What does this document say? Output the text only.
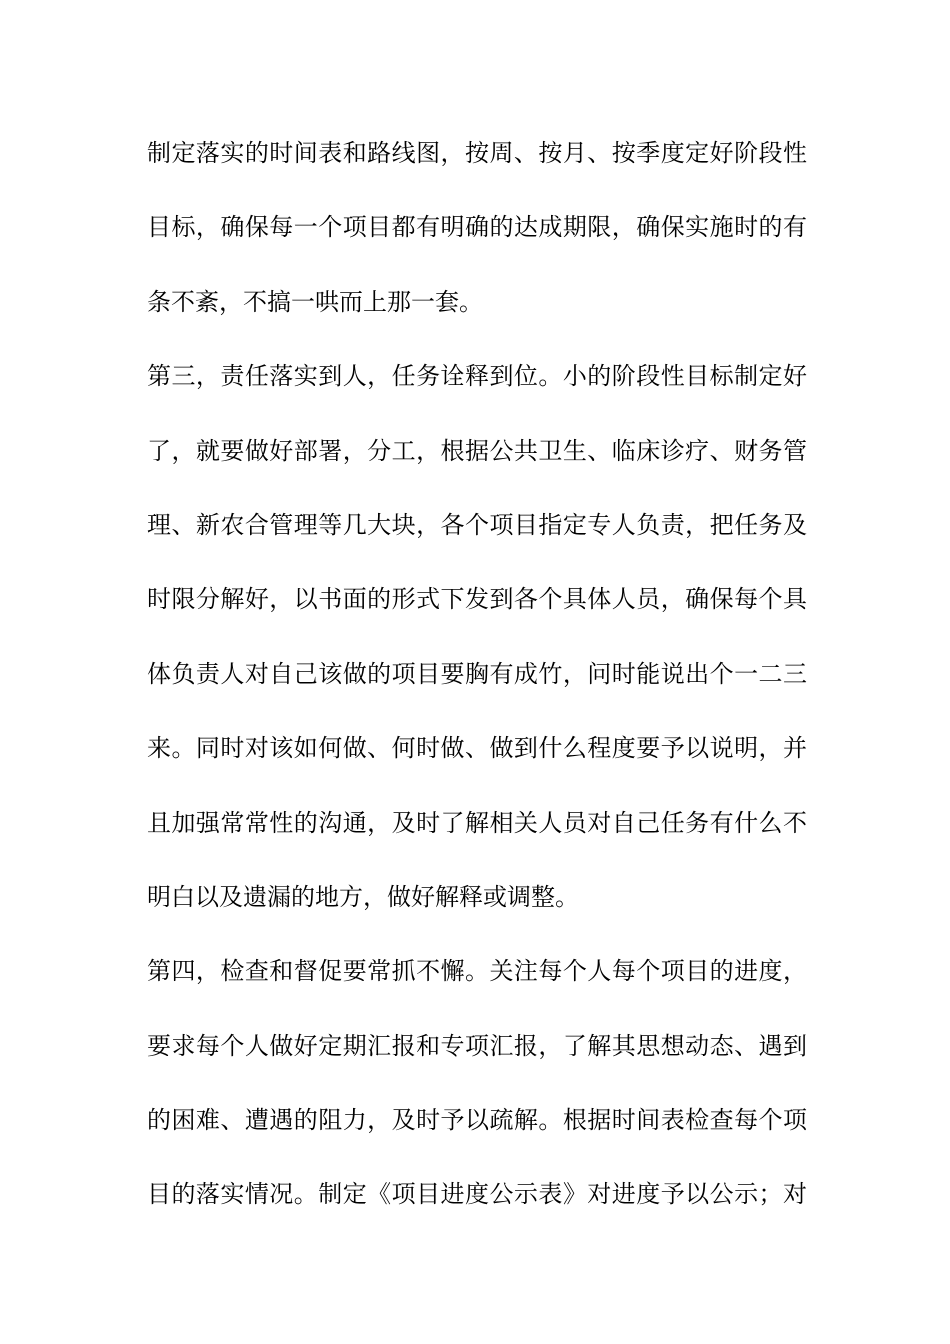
制定落实的时间表和路线图，按周、按月、按季度定好阶段性
目标，确保每一个项目都有明确的达成期限，确保实施时的有
条不紊，不搞一哄而上那一套。
第三，责任落实到人，任务诠释到位。小的阶段性目标制定好
了，就要做好部署，分工，根据公共卫生、临床诊疗、财务管
理、新农合管理等几大块，各个项目指定专人负责，把任务及
时限分解好，以书面的形式下发到各个具体人员，确保每个具
体负责人对自己该做的项目要胸有成竹，问时能说出个一二三
来。同时对该如何做、何时做、做到什么程度要予以说明，并
且加强常常性的沟通，及时了解相关人员对自己任务有什么不
明白以及遗漏的地方，做好解释或调整。
第四，检查和督促要常抓不懈。关注每个人每个项目的进度，
要求每个人做好定期汇报和专项汇报，了解其思想动态、遇到
的困难、遭遇的阻力，及时予以疏解。根据时间表检查每个项
目的落实情况。制定《项目进度公示表》对进度予以公示；对
